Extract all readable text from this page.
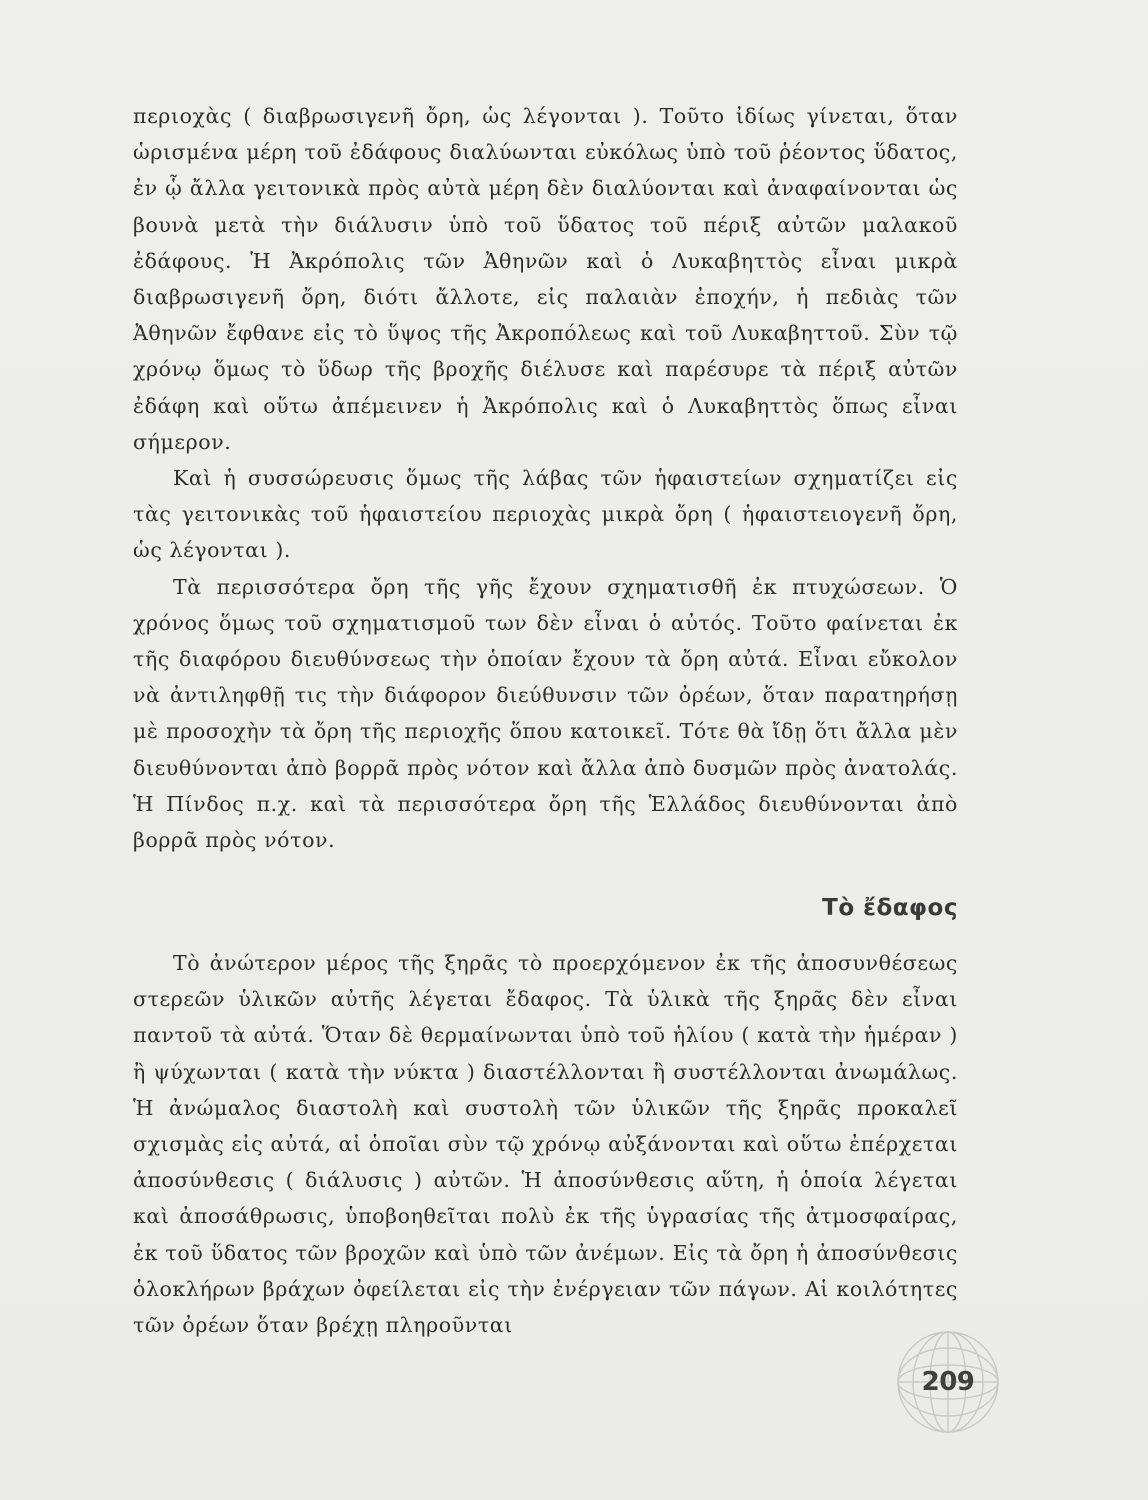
περιοχὰς ( διαβρωσιγενῆ ὄρη, ὡς λέγονται ). Τοῦτο ἰδίως γίνεται, ὅταν ὡρισμένα μέρη τοῦ ἐδάφους διαλύωνται εὐκόλως ὑπὸ τοῦ ῥέοντος ὕδατος, ἐν ᾧ ἄλλα γειτονικὰ πρὸς αὐτὰ μέρη δὲν διαλύονται καὶ ἀναφαίνονται ὡς βουνὰ μετὰ τὴν διάλυσιν ὑπὸ τοῦ ὕδατος τοῦ πέριξ αὐτῶν μαλακοῦ ἐδάφους. Ἡ Ἀκρόπολις τῶν Ἀθηνῶν καὶ ὁ Λυκαβηττὸς εἶναι μικρὰ διαβρωσιγενῆ ὄρη, διότι ἄλλοτε, εἰς παλαιὰν ἐποχήν, ἡ πεδιὰς τῶν Ἀθηνῶν ἔφθανε εἰς τὸ ὕψος τῆς Ἀκροπόλεως καὶ τοῦ Λυκαβηττοῦ. Σὺν τῷ χρόνῳ ὅμως τὸ ὕδωρ τῆς βροχῆς διέλυσε καὶ παρέσυρε τὰ πέριξ αὐτῶν ἐδάφη καὶ οὕτω ἀπέμεινεν ἡ Ἀκρόπολις καὶ ὁ Λυκαβηττὸς ὅπως εἶναι σήμερον.

Καὶ ἡ συσσώρευσις ὅμως τῆς λάβας τῶν ἡφαιστείων σχηματίζει εἰς τὰς γειτονικὰς τοῦ ἡφαιστείου περιοχὰς μικρὰ ὄρη ( ἡφαιστειογενῆ ὄρη, ὡς λέγονται ).

Τὰ περισσότερα ὄρη τῆς γῆς ἔχουν σχηματισθῆ ἐκ πτυχώσεων. Ὁ χρόνος ὅμως τοῦ σχηματισμοῦ των δὲν εἶναι ὁ αὐτός. Τοῦτο φαίνεται ἐκ τῆς διαφόρου διευθύνσεως τὴν ὁποίαν ἔχουν τὰ ὄρη αὐτά. Εἶναι εὔκολον νὰ ἀντιληφθῇ τις τὴν διάφορον διεύθυνσιν τῶν ὀρέων, ὅταν παρατηρήσῃ μὲ προσοχὴν τὰ ὄρη τῆς περιοχῆς ὅπου κατοικεῖ. Τότε θὰ ἴδῃ ὅτι ἄλλα μὲν διευθύνονται ἀπὸ βορρᾶ πρὸς νότον καὶ ἄλλα ἀπὸ δυσμῶν πρὸς ἀνατολάς. Ἡ Πίνδος π.χ. καὶ τὰ περισσότερα ὄρη τῆς Ἑλλάδος διευθύνονται ἀπὸ βορρᾶ πρὸς νότον.

Τὸ ἔδαφος

Τὸ ἀνώτερον μέρος τῆς ξηρᾶς τὸ προερχόμενον ἐκ τῆς ἀποσυνθέσεως στερεῶν ὑλικῶν αὐτῆς λέγεται ἔδαφος. Τὰ ὑλικὰ τῆς ξηρᾶς δὲν εἶναι παντοῦ τὰ αὐτά. Ὅταν δὲ θερμαίνωνται ὑπὸ τοῦ ἡλίου ( κατὰ τὴν ἡμέραν ) ἢ ψύχωνται ( κατὰ τὴν νύκτα ) διαστέλλονται ἢ συστέλλονται ἀνωμάλως. Ἡ ἀνώμαλος διαστολὴ καὶ συστολὴ τῶν ὑλικῶν τῆς ξηρᾶς προκαλεῖ σχισμὰς εἰς αὐτά, αἱ ὁποῖαι σὺν τῷ χρόνῳ αὐξάνονται καὶ οὕτω ἐπέρχεται ἀποσύνθεσις ( διάλυσις ) αὐτῶν. Ἡ ἀποσύνθεσις αὕτη, ἡ ὁποία λέγεται καὶ ἀποσάθρωσις, ὑποβοηθεῖται πολὺ ἐκ τῆς ὑγρασίας τῆς ἀτμοσφαίρας, ἐκ τοῦ ὕδατος τῶν βροχῶν καὶ ὑπὸ τῶν ἀνέμων. Εἰς τὰ ὄρη ἡ ἀποσύνθεσις ὁλοκλήρων βράχων ὀφείλεται εἰς τὴν ἐνέργειαν τῶν πάγων. Αἱ κοιλότητες τῶν ὀρέων ὅταν βρέχῃ πληροῦνται

209
